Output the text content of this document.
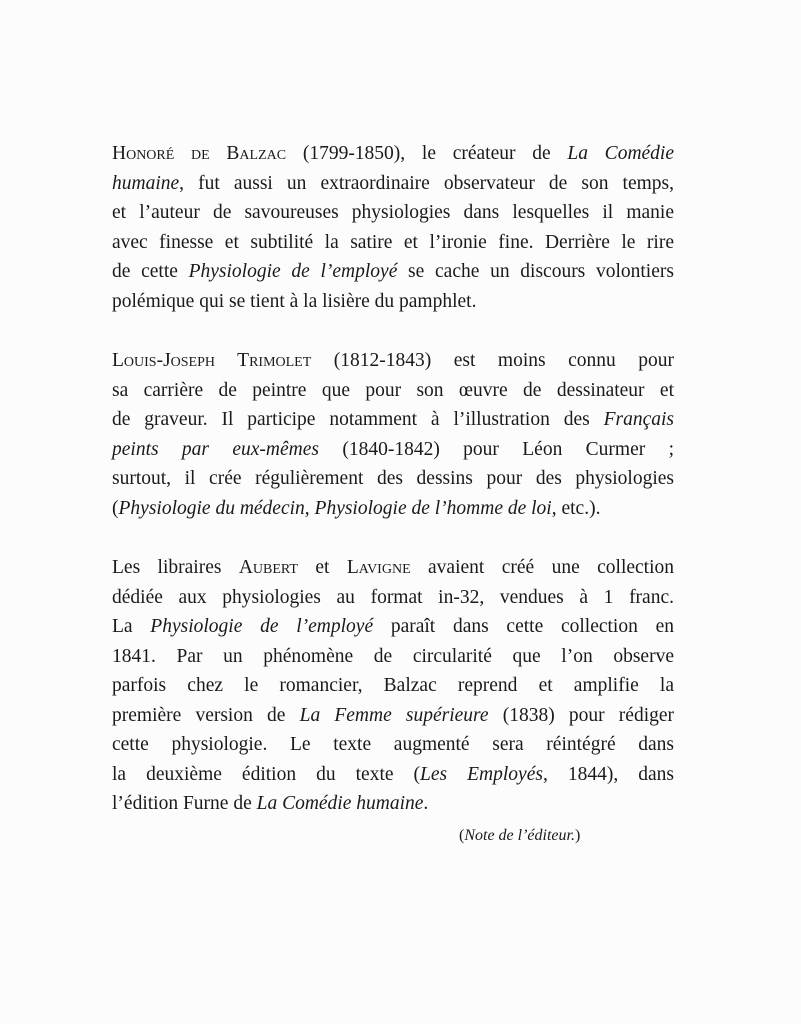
Honoré de Balzac (1799-1850), le créateur de La Comédie
humaine, fut aussi un extraordinaire observateur de son temps,
et l’auteur de savoureuses physiologies dans lesquelles il manie
avec finesse et subtilité la satire et l’ironie fine. Derrière le rire
de cette Physiologie de l’employé se cache un discours volontiers
polémique qui se tient à la lisière du pamphlet.

Louis-Joseph Trimolet (1812-1843) est moins connu pour
sa carrière de peintre que pour son œuvre de dessinateur et
de graveur. Il participe notamment à l’illustration des Français
peints par eux-mêmes (1840-1842) pour Léon Curmer ;
surtout, il crée régulièrement des dessins pour des physiologies
(Physiologie du médecin, Physiologie de l’homme de loi, etc.).

Les libraires Aubert et Lavigne avaient créé une collection
dédiée aux physiologies au format in-32, vendues à 1 franc.
La Physiologie de l’employé paraît dans cette collection en
1841. Par un phénomène de circularité que l’on observe
parfois chez le romancier, Balzac reprend et amplifie la
première version de La Femme supérieure (1838) pour rédiger
cette physiologie. Le texte augmenté sera réintégré dans
la deuxième édition du texte (Les Employés, 1844), dans
l’édition Furne de La Comédie humaine.

(Note de l’éditeur.)
